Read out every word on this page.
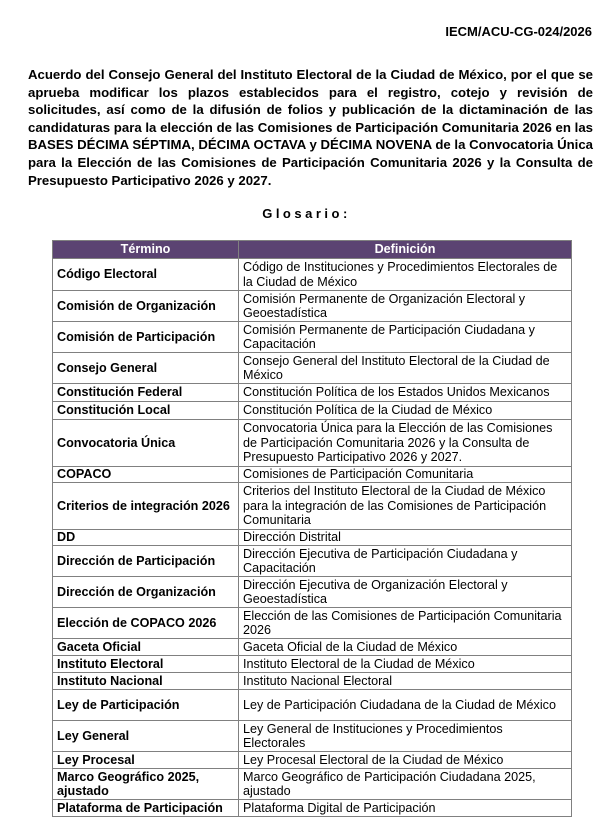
IECM/ACU-CG-024/2026
Acuerdo del Consejo General del Instituto Electoral de la Ciudad de México, por el que se aprueba modificar los plazos establecidos para el registro, cotejo y revisión de solicitudes, así como de la difusión de folios y publicación de la dictaminación de las candidaturas para la elección de las Comisiones de Participación Comunitaria 2026 en las BASES DÉCIMA SÉPTIMA, DÉCIMA OCTAVA y DÉCIMA NOVENA de la Convocatoria Única para la Elección de las Comisiones de Participación Comunitaria 2026 y la Consulta de Presupuesto Participativo 2026 y 2027.
Glosario:
Término	Definición
Código Electoral	Código de Instituciones y Procedimientos Electorales de la Ciudad de México
Comisión de Organización	Comisión Permanente de Organización Electoral y Geoestadística
Comisión de Participación	Comisión Permanente de Participación Ciudadana y Capacitación
Consejo General	Consejo General del Instituto Electoral de la Ciudad de México
Constitución Federal	Constitución Política de los Estados Unidos Mexicanos
Constitución Local	Constitución Política de la Ciudad de México
Convocatoria Única	Convocatoria Única para la Elección de las Comisiones de Participación Comunitaria 2026 y la Consulta de Presupuesto Participativo 2026 y 2027.
COPACO	Comisiones de Participación Comunitaria
Criterios de integración 2026	Criterios del Instituto Electoral de la Ciudad de México para la integración de las Comisiones de Participación Comunitaria
DD	Dirección Distrital
Dirección de Participación	Dirección Ejecutiva de Participación Ciudadana y Capacitación
Dirección de Organización	Dirección Ejecutiva de Organización Electoral y Geoestadística
Elección de COPACO 2026	Elección de las Comisiones de Participación Comunitaria 2026
Gaceta Oficial	Gaceta Oficial de la Ciudad de México
Instituto Electoral	Instituto Electoral de la Ciudad de México
Instituto Nacional	Instituto Nacional Electoral
Ley de Participación	Ley de Participación Ciudadana de la Ciudad de México
Ley General	Ley General de Instituciones y Procedimientos Electorales
Ley Procesal	Ley Procesal Electoral de la Ciudad de México
Marco Geográfico 2025, ajustado	Marco Geográfico de Participación Ciudadana 2025, ajustado
Plataforma de Participación	Plataforma Digital de Participación
